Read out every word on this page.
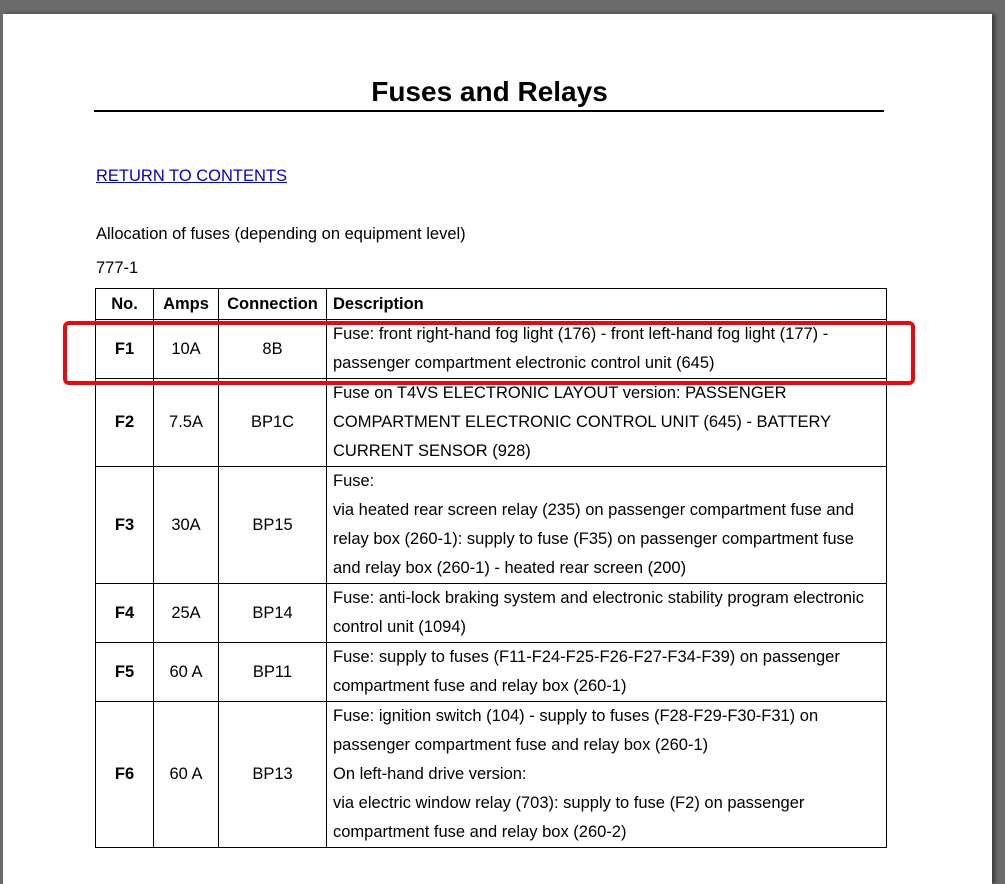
Fuses and Relays
RETURN TO CONTENTS
Allocation of fuses (depending on equipment level)
777-1
No.	Amps	Connection	Description
F1	10A	8B	Fuse: front right-hand fog light (176) - front left-hand fog light (177) -
passenger compartment electronic control unit (645)

F2	7.5A	BP1C	Fuse on T4VS ELECTRONIC LAYOUT version: PASSENGER
COMPARTMENT ELECTRONIC CONTROL UNIT (645) - BATTERY
CURRENT SENSOR (928)

F3	30A	BP15	Fuse:
via heated rear screen relay (235) on passenger compartment fuse and
relay box (260-1): supply to fuse (F35) on passenger compartment fuse
and relay box (260-1) - heated rear screen (200)

F4	25A	BP14	Fuse: anti-lock braking system and electronic stability program electronic
control unit (1094)

F5	60 A	BP11	Fuse: supply to fuses (F11-F24-F25-F26-F27-F34-F39) on passenger
compartment fuse and relay box (260-1)

F6	60 A	BP13	Fuse: ignition switch (104) - supply to fuses (F28-F29-F30-F31) on
passenger compartment fuse and relay box (260-1)
On left-hand drive version:
via electric window relay (703): supply to fuse (F2) on passenger
compartment fuse and relay box (260-2)
